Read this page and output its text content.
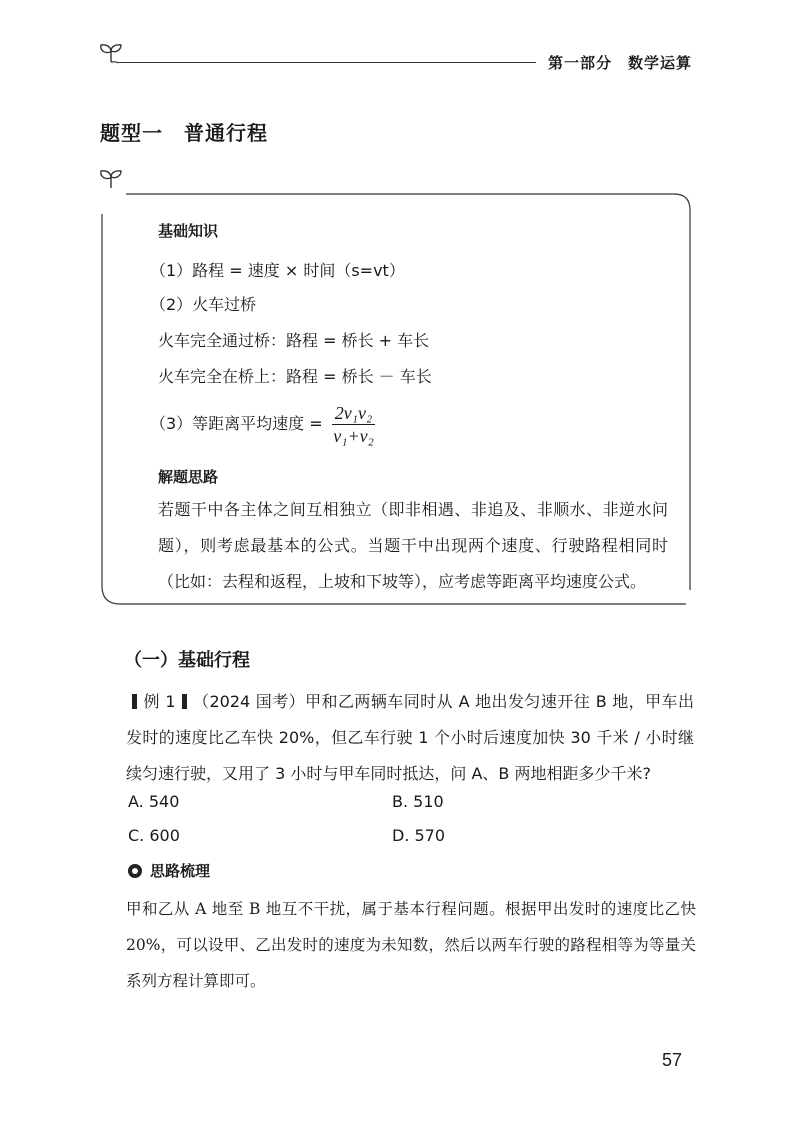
第一部分　数学运算
题型一　普通行程
基础知识
（1）路程 = 速度 × 时间（s=vt）
（2）火车过桥
火车完全通过桥：路程 = 桥长 + 车长
火车完全在桥上：路程 = 桥长 － 车长
（3）等距离平均速度 = $\frac{\text{2v₁v₂}}{\text{v₁+v₂}}$
解题思路
若题干中各主体之间互相独立（即非相遇、非追及、非顺水、非逆水问题），则考虑最基本的公式。当题干中出现两个速度、行驶路程相同时（比如：去程和返程，上坡和下坡等），应考虑等距离平均速度公式。
（一）基础行程
例 1 （2024 国考）甲和乙两辆车同时从 A 地出发匀速开往 B 地，甲车出发时的速度比乙车快 20%，但乙车行驶 1 个小时后速度加快 30 千米 / 小时继续匀速行驶，又用了 3 小时与甲车同时抵达，问 A、B 两地相距多少千米?
A. 540	B. 510
C. 600	D. 570
思路梳理
甲和乙从 A 地至 B 地互不干扰，属于基本行程问题。根据甲出发时的速度比乙快 20%，可以设甲、乙出发时的速度为未知数，然后以两车行驶的路程相等为等量关系列方程计算即可。
57
